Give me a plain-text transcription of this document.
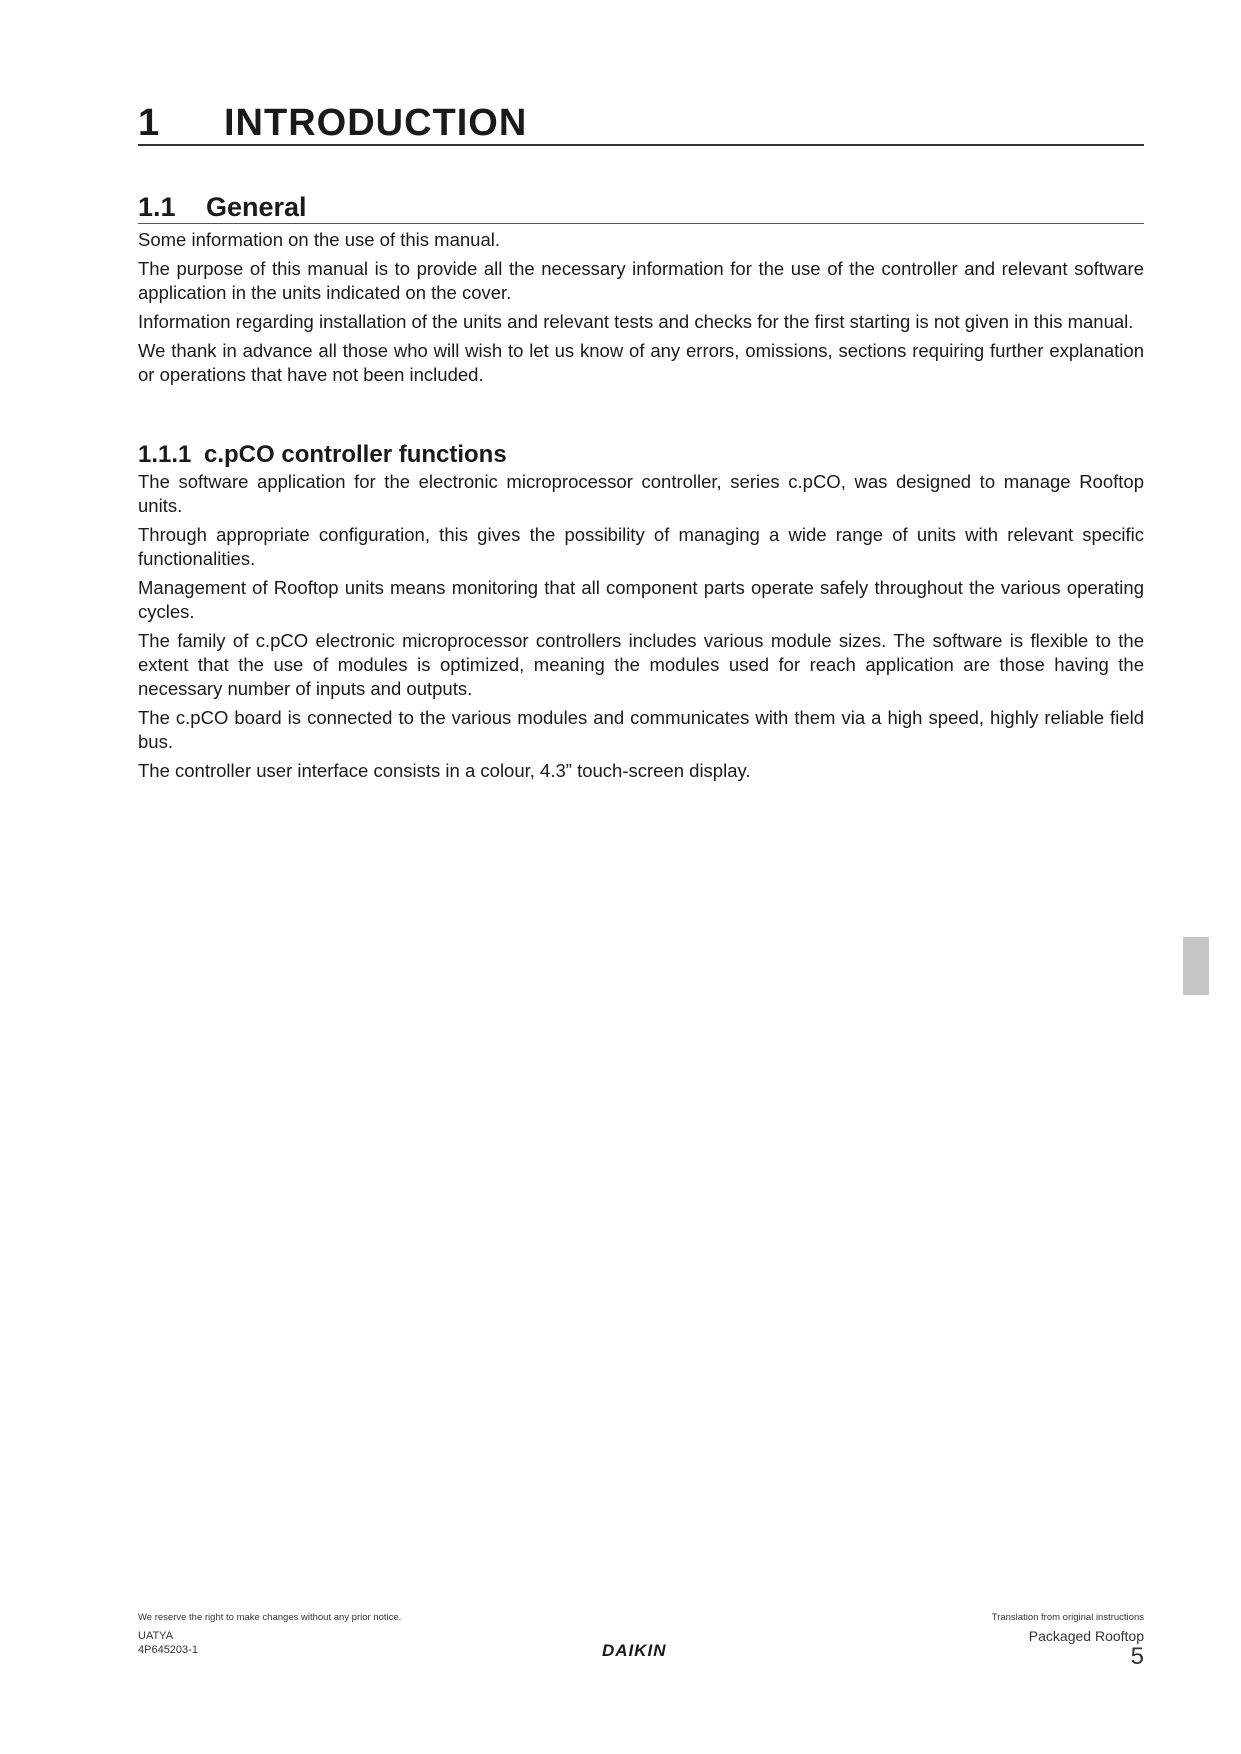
1	INTRODUCTION
1.1	General

Some information on the use of this manual.

The purpose of this manual is to provide all the necessary information for the use of the controller and relevant software application in the units indicated on the cover.

Information regarding installation of the units and relevant tests and checks for the first starting is not given in this manual.

We thank in advance all those who will wish to let us know of any errors, omissions, sections requiring further explanation or operations that have not been included.

1.1.1 c.pCO controller functions

The software application for the electronic microprocessor controller, series c.pCO, was designed to manage Rooftop units.

Through appropriate configuration, this gives the possibility of managing a wide range of units with relevant specific functionalities.

Management of Rooftop units means monitoring that all component parts operate safely throughout the various operating cycles.

The family of c.pCO electronic microprocessor controllers includes various module sizes. The software is flexible to the extent that the use of modules is optimized, meaning the modules used for reach application are those having the necessary number of inputs and outputs.

The c.pCO board is connected to the various modules and communicates with them via a high speed, highly reliable field bus.

The controller user interface consists in a colour, 4.3” touch-screen display.

We reserve the right to make changes without any prior notice.
UATYA
4P645203-1	DAIKIN
Translation from original instructions
Packaged Rooftop
5
